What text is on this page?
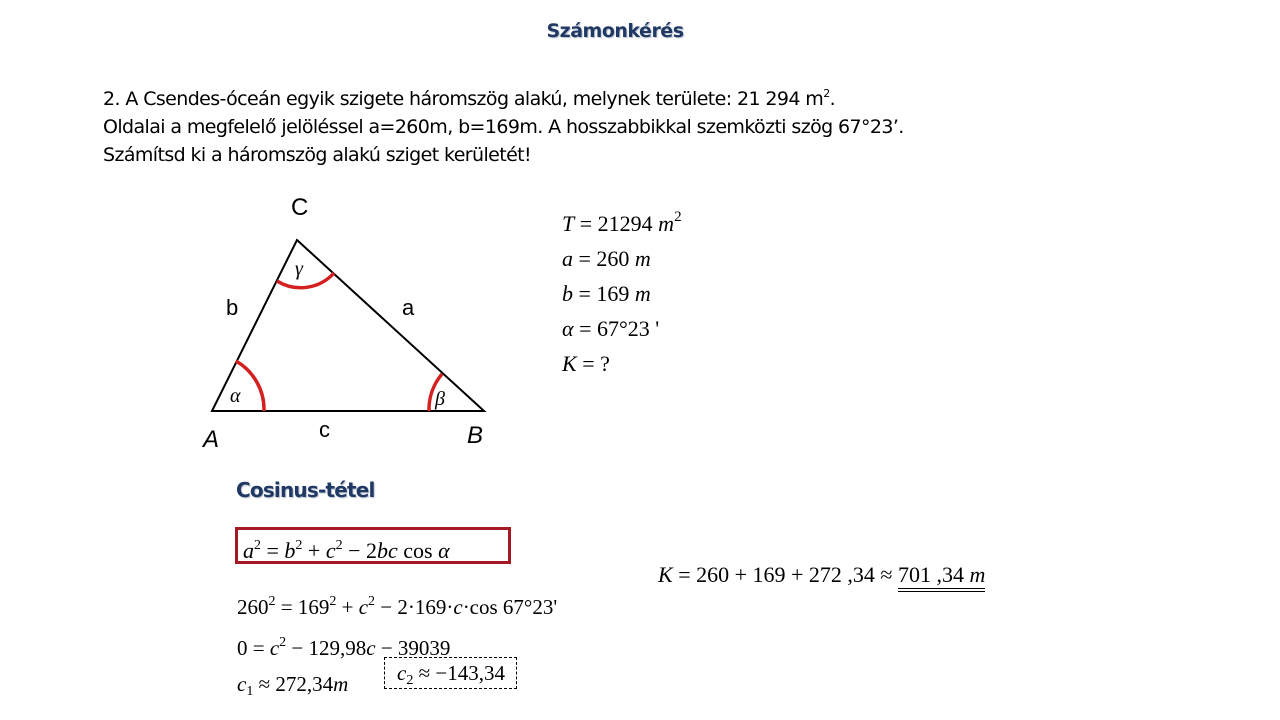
Számonkérés
2. A Csendes-óceán egyik szigete háromszög alakú, melynek területe: 21 294 $m^2$.
Oldalai a megfelelő jelöléssel a=260m, b=169m. A hosszabbikkal szemközti szög 67°23’.
Számítsd ki a háromszög alakú sziget kerületét!
C
A	B
b	a
c
α	β
γ
T = 21294 $m^2$
a = 260 m
b = 169 m
α = 67°23 '
K = ?
Cosinus-tétel
$a^2 = b^2 + c^2 - 2bc$ cos α
$260^2 = 169^2 + c^2 - 2\cdot 169\cdot c\cdot\cos$ 67°23'
$0 = c^2 - 129,98c - 39039$
$c_1 \approx 272,34m$	$c_2 \approx -143,34$
K = 260 + 169 + 272 ,34 ≈ 701 ,34 m
